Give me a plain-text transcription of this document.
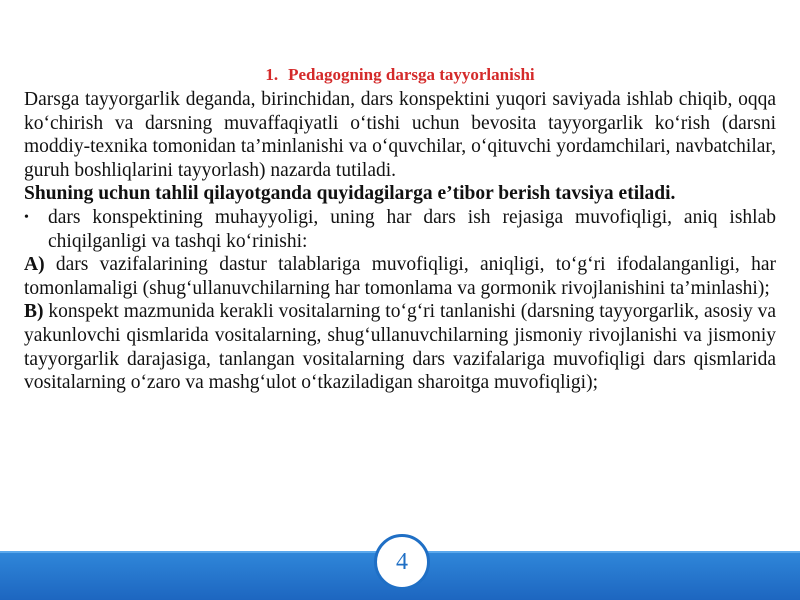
1. Pedagogning darsga tayyorlanishi

Darsga tayyorgarlik deganda, birinchidan, dars konspektini yuqori saviyada ishlab chiqib, oqqa ko‘chirish va darsning muvaffaqiyatli o‘tishi uchun bevosita tayyorgarlik ko‘rish (darsni moddiy-texnika tomonidan ta’minlanishi va o‘quvchilar, o‘qituvchi yordamchilari, navbatchilar, guruh boshliqlarini tayyorlash) nazarda tutiladi.

Shuning uchun tahlil qilayotganda quyidagilarga e’tibor berish tavsiya etiladi.

• dars konspektining muhayyoligi, uning har dars ish rejasiga muvofiqligi, aniq ishlab chiqilganligi va tashqi ko‘rinishi:

A) dars vazifalarining dastur talablariga muvofiqligi, aniqligi, to‘g‘ri ifodalanganligi, har tomonlamaligi (shug‘ullanuvchilarning har tomonlama va gormonik rivojlanishini ta’minlashi);

B) konspekt mazmunida kerakli vositalarning to‘g‘ri tanlanishi (darsning tayyorgarlik, asosiy va yakunlovchi qismlarida vositalarning, shug‘ullanuvchilarning jismoniy rivojlanishi va jismoniy tayyorgarlik darajasiga, tanlangan vositalarning dars vazifalariga muvofiqligi dars qismlarida vositalarning o‘zaro va mashg‘ulot o‘tkaziladigan sharoitga muvofiqligi);

4
